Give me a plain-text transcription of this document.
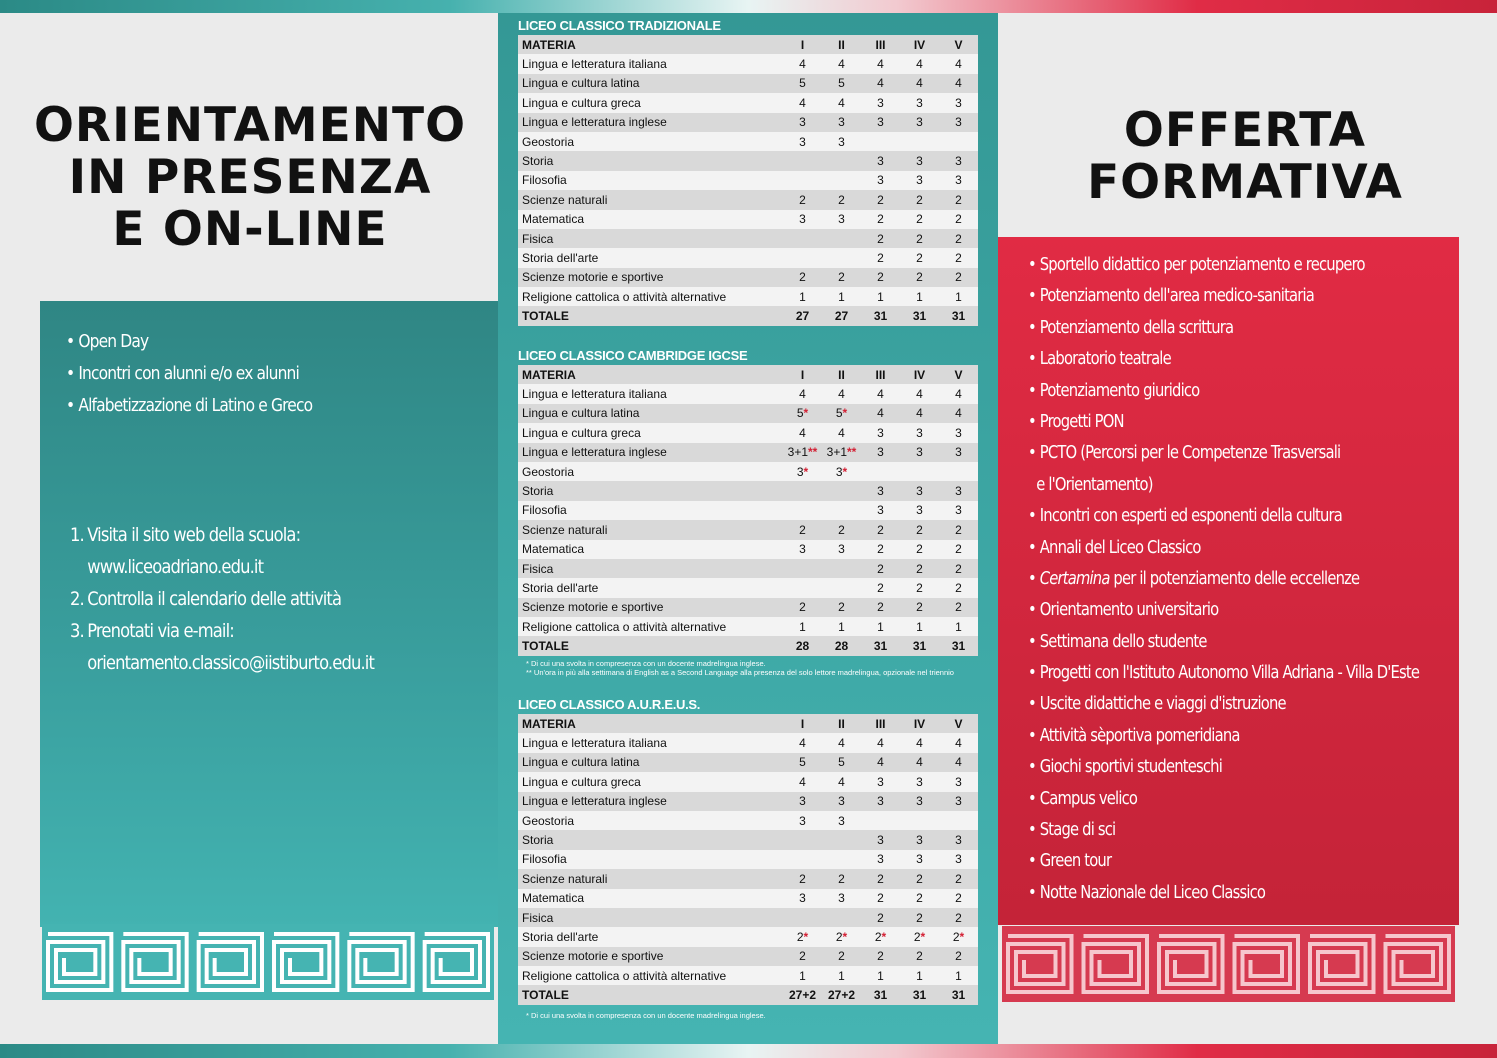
ORIENTAMENTO
IN PRESENZA
E ON-LINE
• Open Day
• Incontri con alunni e/o ex alunni
• Alfabetizzazione di Latino e Greco
1. Visita il sito web della scuola:
www.liceoadriano.edu.it
2. Controlla il calendario delle attività
3. Prenotati via e-mail:
orientamento.classico@iistiburto.edu.it
LICEO CLASSICO TRADIZIONALE
MATERIA	I	II	III	IV	V
Lingua e letteratura italiana	4	4	4	4	4
Lingua e cultura latina	5	5	4	4	4
Lingua e cultura greca	4	4	3	3	3
Lingua e letteratura inglese	3	3	3	3	3
Geostoria	3	3			
Storia			3	3	3
Filosofia			3	3	3
Scienze naturali	2	2	2	2	2
Matematica	3	3	2	2	2
Fisica			2	2	2
Storia dell'arte			2	2	2
Scienze motorie e sportive	2	2	2	2	2
Religione cattolica o attività alternative	1	1	1	1	1
TOTALE	27	27	31	31	31
LICEO CLASSICO CAMBRIDGE IGCSE
MATERIA	I	II	III	IV	V
Lingua e letteratura italiana	4	4	4	4	4
Lingua e cultura latina	5*	5*	4	4	4
Lingua e cultura greca	4	4	3	3	3
Lingua e letteratura inglese	3+1**	3+1**	3	3	3
Geostoria	3*	3*			
Storia			3	3	3
Filosofia			3	3	3
Scienze naturali	2	2	2	2	2
Matematica	3	3	2	2	2
Fisica			2	2	2
Storia dell'arte			2	2	2
Scienze motorie e sportive	2	2	2	2	2
Religione cattolica o attività alternative	1	1	1	1	1
TOTALE	28	28	31	31	31
* Di cui una svolta in compresenza con un docente madrelingua inglese.
** Un'ora in più alla settimana di English as a Second Language alla presenza del solo lettore madrelingua, opzionale nel triennio
LICEO CLASSICO A.U.R.E.U.S.
MATERIA	I	II	III	IV	V
Lingua e letteratura italiana	4	4	4	4	4
Lingua e cultura latina	5	5	4	4	4
Lingua e cultura greca	4	4	3	3	3
Lingua e letteratura inglese	3	3	3	3	3
Geostoria	3	3			
Storia			3	3	3
Filosofia			3	3	3
Scienze naturali	2	2	2	2	2
Matematica	3	3	2	2	2
Fisica			2	2	2
Storia dell'arte	2*	2*	2*	2*	2*
Scienze motorie e sportive	2	2	2	2	2
Religione cattolica o attività alternative	1	1	1	1	1
TOTALE	27+2	27+2	31	31	31
* Di cui una svolta in compresenza con un docente madrelingua inglese.
OFFERTA
FORMATIVA
• Sportello didattico per potenziamento e recupero
• Potenziamento dell'area medico-sanitaria
• Potenziamento della scrittura
• Laboratorio teatrale
• Potenziamento giuridico
• Progetti PON
• PCTO (Percorsi per le Competenze Trasversali
e l'Orientamento)
• Incontri con esperti ed esponenti della cultura
• Annali del Liceo Classico
• Certamina per il potenziamento delle eccellenze
• Orientamento universitario
• Settimana dello studente
• Progetti con l'Istituto Autonomo Villa Adriana - Villa D'Este
• Uscite didattiche e viaggi d'istruzione
• Attività sèportiva pomeridiana
• Giochi sportivi studenteschi
• Campus velico
• Stage di sci
• Green tour
• Notte Nazionale del Liceo Classico
